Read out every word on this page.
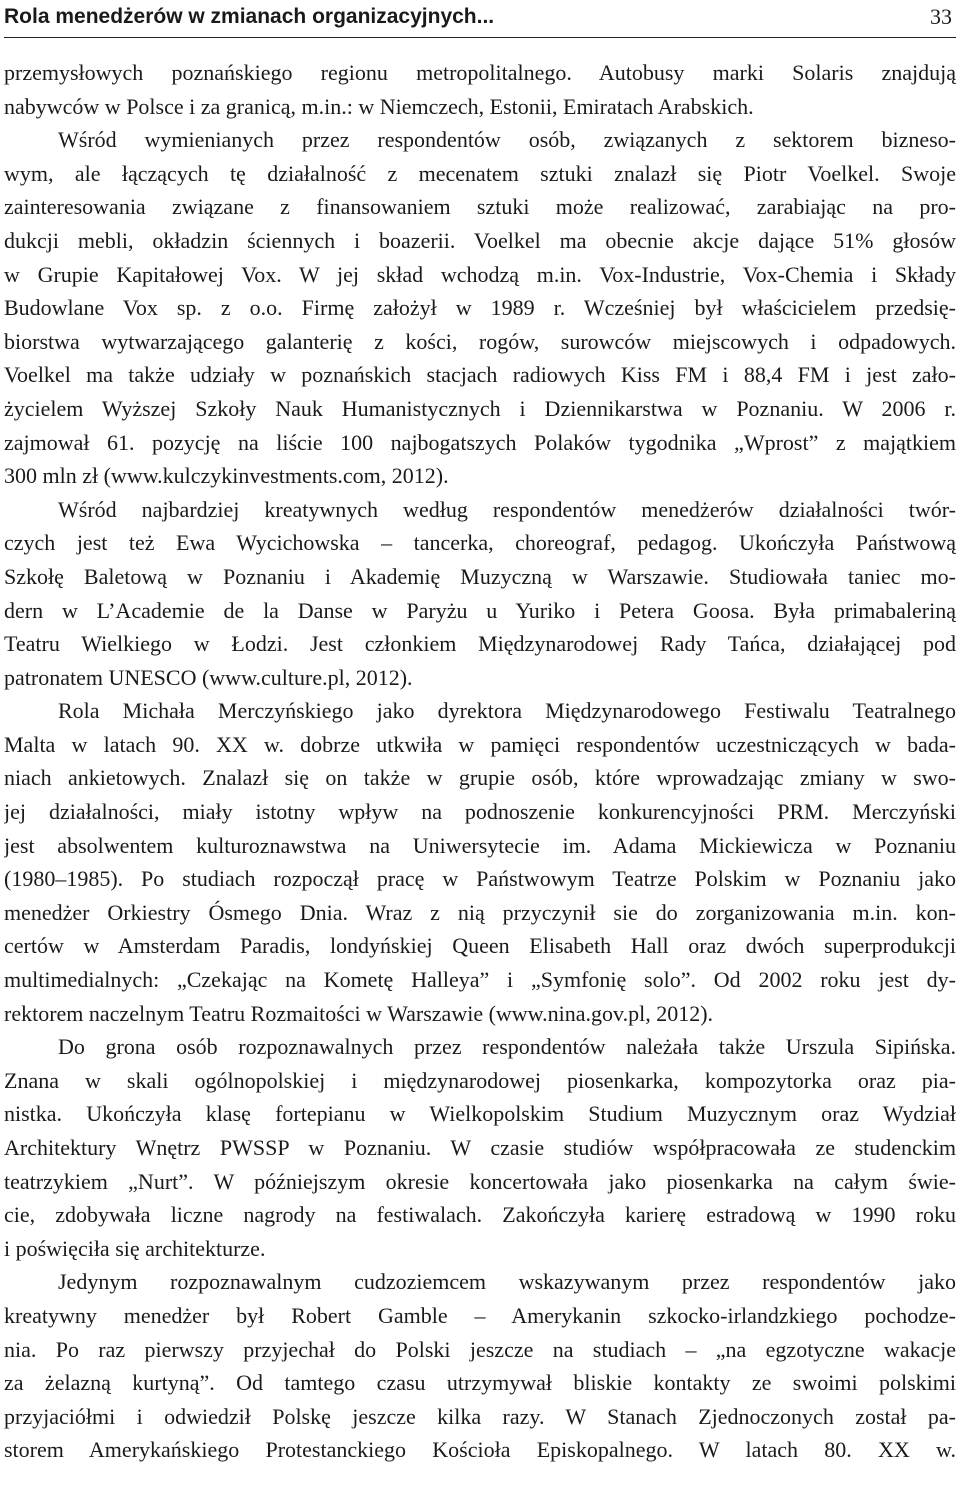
Rola menedżerów w zmianach organizacyjnych...	33
przemysłowych poznańskiego regionu metropolitalnego. Autobusy marki Solaris znajdują
nabywców w Polsce i za granicą, m.in.: w Niemczech, Estonii, Emiratach Arabskich.
Wśród wymienianych przez respondentów osób, związanych z sektorem bizneso-
wym, ale łączących tę działalność z mecenatem sztuki znalazł się Piotr Voelkel. Swoje
zainteresowania związane z finansowaniem sztuki może realizować, zarabiając na pro-
dukcji mebli, okładzin ściennych i boazerii. Voelkel ma obecnie akcje dające 51% głosów
w Grupie Kapitałowej Vox. W jej skład wchodzą m.in. Vox-Industrie, Vox-Chemia i Składy
Budowlane Vox sp. z o.o. Firmę założył w 1989 r. Wcześniej był właścicielem przedsię-
biorstwa wytwarzającego galanterię z kości, rogów, surowców miejscowych i odpadowych.
Voelkel ma także udziały w poznańskich stacjach radiowych Kiss FM i 88,4 FM i jest zało-
życielem Wyższej Szkoły Nauk Humanistycznych i Dziennikarstwa w Poznaniu. W 2006 r.
zajmował 61. pozycję na liście 100 najbogatszych Polaków tygodnika „Wprost” z majątkiem
300 mln zł (www.kulczykinvestments.com, 2012).
Wśród najbardziej kreatywnych według respondentów menedżerów działalności twór-
czych jest też Ewa Wycichowska – tancerka, choreograf, pedagog. Ukończyła Państwową
Szkołę Baletową w Poznaniu i Akademię Muzyczną w Warszawie. Studiowała taniec mo-
dern w L’Academie de la Danse w Paryżu u Yuriko i Petera Goosa. Była primabaleriną
Teatru Wielkiego w Łodzi. Jest członkiem Międzynarodowej Rady Tańca, działającej pod
patronatem UNESCO (www.culture.pl, 2012).
Rola Michała Merczyńskiego jako dyrektora Międzynarodowego Festiwalu Teatralnego
Malta w latach 90. XX w. dobrze utkwiła w pamięci respondentów uczestniczących w bada-
niach ankietowych. Znalazł się on także w grupie osób, które wprowadzając zmiany w swo-
jej działalności, miały istotny wpływ na podnoszenie konkurencyjności PRM. Merczyński
jest absolwentem kulturoznawstwa na Uniwersytecie im. Adama Mickiewicza w Poznaniu
(1980–1985). Po studiach rozpoczął pracę w Państwowym Teatrze Polskim w Poznaniu jako
menedżer Orkiestry Ósmego Dnia. Wraz z nią przyczynił sie do zorganizowania m.in. kon-
certów w Amsterdam Paradis, londyńskiej Queen Elisabeth Hall oraz dwóch superprodukcji
multimedialnych: „Czekając na Kometę Halleya” i „Symfonię solo”. Od 2002 roku jest dy-
rektorem naczelnym Teatru Rozmaitości w Warszawie (www.nina.gov.pl, 2012).
Do grona osób rozpoznawalnych przez respondentów należała także Urszula Sipińska.
Znana w skali ogólnopolskiej i międzynarodowej piosenkarka, kompozytorka oraz pia-
nistka. Ukończyła klasę fortepianu w Wielkopolskim Studium Muzycznym oraz Wydział
Architektury Wnętrz PWSSP w Poznaniu. W czasie studiów współpracowała ze studenckim
teatrzykiem „Nurt”. W późniejszym okresie koncertowała jako piosenkarka na całym świe-
cie, zdobywała liczne nagrody na festiwalach. Zakończyła karierę estradową w 1990 roku
i poświęciła się architekturze.
Jedynym rozpoznawalnym cudzoziemcem wskazywanym przez respondentów jako
kreatywny menedżer był Robert Gamble – Amerykanin szkocko-irlandzkiego pochodze-
nia. Po raz pierwszy przyjechał do Polski jeszcze na studiach – „na egzotyczne wakacje
za żelazną kurtyną”. Od tamtego czasu utrzymywał bliskie kontakty ze swoimi polskimi
przyjaciółmi i odwiedził Polskę jeszcze kilka razy. W Stanach Zjednoczonych został pa-
storem Amerykańskiego Protestanckiego Kościoła Episkopalnego. W latach 80. XX w.
